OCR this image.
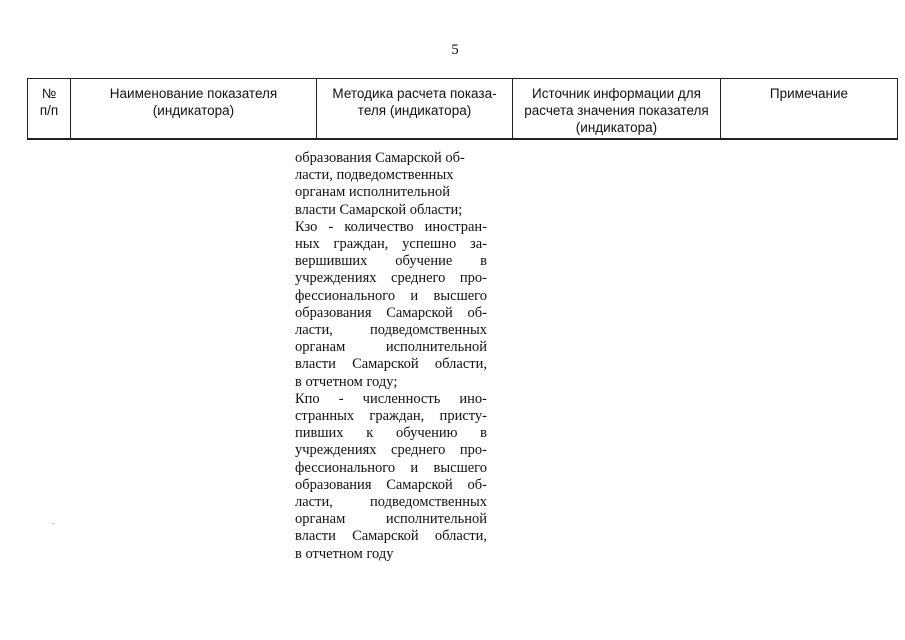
5
№
п/п
Наименование показателя
(индикатора)
Методика расчета показа-
теля (индикатора)
Источник информации для
расчета значения показателя
(индикатора)
Примечание
образования Самарской об-
ласти, подведомственных
органам исполнительной
власти Самарской области;
Кзо - количество иностран-
ных граждан, успешно за-
вершивших обучение в
учреждениях среднего про-
фессионального и высшего
образования Самарской об-
ласти, подведомственных
органам исполнительной
власти Самарской области,
в отчетном году;
Кпо - численность ино-
странных граждан, присту-
пивших к обучению в
учреждениях среднего про-
фессионального и высшего
образования Самарской об-
ласти, подведомственных
органам исполнительной
власти Самарской области,
в отчетном году
